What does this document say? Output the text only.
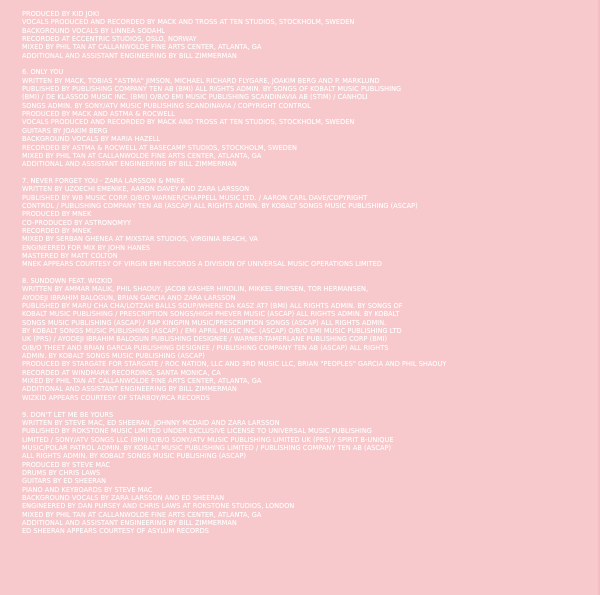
PRODUCED BY KID JOKI
VOCALS PRODUCED AND RECORDED BY MACK AND TROSS AT TEN STUDIOS, STOCKHOLM, SWEDEN
BACKGROUND VOCALS BY LINNEA SODAHL
RECORDED AT ECCENTRIC STUDIOS, OSLO, NORWAY
MIXED BY PHIL TAN AT CALLANWOLDE FINE ARTS CENTER, ATLANTA, GA
ADDITIONAL AND ASSISTANT ENGINEERING BY BILL ZIMMERMAN
6. ONLY YOU
WRITTEN BY MACK, TOBIAS "ASTMA" JIMSON, MICHAEL RICHARD FLYGARE, JOAKIM BERG AND P. MARKLUND
PUBLISHED BY PUBLISHING COMPANY TEN AB (BMI) ALL RIGHTS ADMIN. BY SONGS OF KOBALT MUSIC PUBLISHING
(BMI) / DE KLASSOD MUSIC INC. (BMI) O/B/O EMI MUSIC PUBLISHING SCANDINAVIA AB (STIM) / CANHOLI
SONGS ADMIN. BY SONY/ATV MUSIC PUBLISHING SCANDINAVIA / COPYRIGHT CONTROL
PRODUCED BY MACK AND ASTMA & ROCWELL
VOCALS PRODUCED AND RECORDED BY MACK AND TROSS AT TEN STUDIOS, STOCKHOLM, SWEDEN
GUITARS BY JOAKIM BERG
BACKGROUND VOCALS BY MARIA HAZELL
RECORDED BY ASTMA & ROCWELL AT BASECAMP STUDIOS, STOCKHOLM, SWEDEN
MIXED BY PHIL TAN AT CALLANWOLDE FINE ARTS CENTER, ATLANTA, GA
ADDITIONAL AND ASSISTANT ENGINEERING BY BILL ZIMMERMAN
7. NEVER FORGET YOU - ZARA LARSSON & MNEK
WRITTEN BY UZOECHI EMENIKE, AARON DAVEY AND ZARA LARSSON
PUBLISHED BY WB MUSIC CORP. O/B/O WARNER/CHAPPELL MUSIC LTD. / AARON CARL DAVE/COPYRIGHT
CONTROL / PUBLISHING COMPANY TEN AB (ASCAP) ALL RIGHTS ADMIN. BY KOBALT SONGS MUSIC PUBLISHING (ASCAP)
PRODUCED BY MNEK
CO-PRODUCED BY ASTRONOMYY
RECORDED BY MNEK
MIXED BY SERBAN GHENEA AT MIXSTAR STUDIOS, VIRGINIA BEACH, VA
ENGINEERED FOR MIX BY JOHN HANES
MASTERED BY MATT COLTON
MNEK APPEARS COURTESY OF VIRGIN EMI RECORDS A DIVISION OF UNIVERSAL MUSIC OPERATIONS LIMITED
8. SUNDOWN FEAT. WIZKID
WRITTEN BY AMMAR MALIK, PHIL SHAOUY, JACOB KASHER HINDLIN, MIKKEL ERIKSEN, TOR HERMANSEN,
AYODEJI IBRAHIM BALOGUN, BRIAN GARCIA AND ZARA LARSSON
PUBLISHED BY MARU CHA CHA/LOTZAH BALLS SOUP/WHERE DA KASZ AT? (BMI) ALL RIGHTS ADMIN. BY SONGS OF
KOBALT MUSIC PUBLISHING / PRESCRIPTION SONGS/HIGH PHEVER MUSIC (ASCAP) ALL RIGHTS ADMIN. BY KOBALT
SONGS MUSIC PUBLISHING (ASCAP) / RAP KINGPIN MUSIC/PRESCRIPTION SONGS (ASCAP) ALL RIGHTS ADMIN.
BY KOBALT SONGS MUSIC PUBLISHING (ASCAP) / EMI APRIL MUSIC INC. (ASCAP) O/B/O EMI MUSIC PUBLISHING LTD
UK (PRS) / AYODEJI IBRAHIM BALOGUN PUBLISHING DESIGNEE / WARNER-TAMERLANE PUBLISHING CORP (BMI)
O/B/O THEET AND BRIAN GARCIA PUBLISHING DESIGNEE / PUBLISHING COMPANY TEN AB (ASCAP) ALL RIGHTS
ADMIN. BY KOBALT SONGS MUSIC PUBLISHING (ASCAP)
PRODUCED BY STARGATE FOR STARGATE / ROC NATION, LLC AND 3RD MUSIC LLC, BRIAN "PEOPLES" GARCIA AND PHIL SHAOUY
RECORDED AT WINDMARK RECORDING, SANTA MONICA, CA
MIXED BY PHIL TAN AT CALLANWOLDE FINE ARTS CENTER, ATLANTA, GA
ADDITIONAL AND ASSISTANT ENGINEERING BY BILL ZIMMERMAN
WIZKID APPEARS COURTESY OF STARBOY/RCA RECORDS
9. DON'T LET ME BE YOURS
WRITTEN BY STEVE MAC, ED SHEERAN, JOHNNY MCDAID AND ZARA LARSSON
PUBLISHED BY ROKSTONE MUSIC LIMITED UNDER EXCLUSIVE LICENSE TO UNIVERSAL MUSIC PUBLISHING
LIMITED / SONY/ATV SONGS LLC (BMI) O/B/O SONY/ATV MUSIC PUBLISHING LIMITED UK (PRS) / SPIRIT B-UNIQUE
MUSIC/POLAR PATROL ADMIN. BY KOBALT MUSIC PUBLISHING LIMITED / PUBLISHING COMPANY TEN AB (ASCAP)
ALL RIGHTS ADMIN. BY KOBALT SONGS MUSIC PUBLISHING (ASCAP)
PRODUCED BY STEVE MAC
DRUMS BY CHRIS LAWS
GUITARS BY ED SHEERAN
PIANO AND KEYBOARDS BY STEVE MAC
BACKGROUND VOCALS BY ZARA LARSSON AND ED SHEERAN
ENGINEERED BY DAN PURSEY AND CHRIS LAWS AT ROKSTONE STUDIOS, LONDON
MIXED BY PHIL TAN AT CALLANWOLDE FINE ARTS CENTER, ATLANTA, GA
ADDITIONAL AND ASSISTANT ENGINEERING BY BILL ZIMMERMAN
ED SHEERAN APPEARS COURTESY OF ASYLUM RECORDS
